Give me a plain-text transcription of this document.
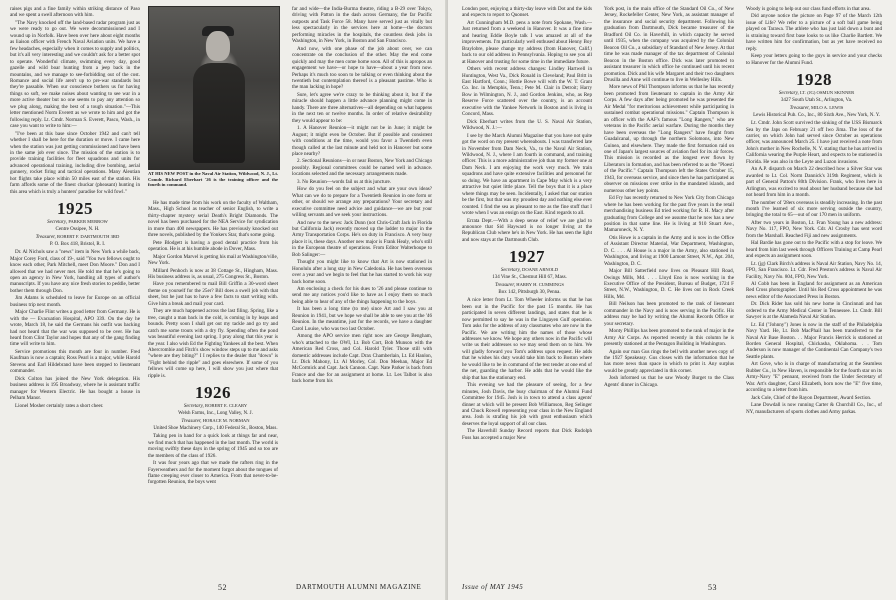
raises pigs and a fine family within striking distance of Paso and we spent a swell afternoon with him.

"The Navy knocked off the land-based radar program just as we were ready to go out. We were decommissioned and I wound up in Norfolk. Have been over here about eight months as liaison officer with French Naval Aviation units. We have a few headaches, especially when it comes to supply and politics, but it's all very interesting and we couldn't ask for a better spot to operate. Wonderful climate, swimming every day, good gazelle and wild boar hunting from a jeep back in the mountains, and we manage to see-forbidding out of the cost. Romance and social life aren't up to pre-war standards but they're passable. When our conscience bothers us for having things so soft, we make noises about wanting to see war in a more active theater but no one seems to pay any attention so we plug along, making the best of a tough situation."—This letter mentioned Norm Everett as we wrote to him and got the following reply. Lt. Cmdr. Norman S. Everett, Pasco, Wash., in case you want to write to him:—

"I've been at this base since October 1942 and can't tell whether I shall be here for the duration or move. I came here when the station was just getting commissioned and have been in the same job ever since. The mission of the station is to provide training facilities for fleet squadrons and units for advanced operational training, including dive bombing, aerial gunnery, rocket firing and tactical operations. Many Aleutian hot flights take place within 50 miles east of the station. His farm affords some of the finest chuckar (pheasant) hunting in this area which is truly a hunters' paradise for wild fowl."

1925

Secretary, PARKER MERROW

Centre Ossipee, N. H.

Treasurer, ROBERT F. DARTMOUTH 3RD

P. O. Box 418, Bristol, R. I.

Dr. Al Nichols saw a "news" item in New York a while back, Major Corey Ford, class of 19-, said "You two fellows ought to know each other, Park Mitchell, meet Don Moore." Don and I allowed that we had never met. He told me that he's going to open an agency in New York, handling all types of author's manuscripts. If you have any nice fresh stories to peddle, better bother them through Don.

Jim Adams is scheduled to leave for Europe on an official business trip next month.

Major Charlie Flint writes a good letter from Germany. He is with the — Evacuation Hospital, APO 339. On the day he wrote, March 18, he said the Germans his outfit was backing had not heard that the war was supposed to be over. He has heard from Clint Taylor and hopes that any of the gang finding time will write to him.

Service promotions this month are four in number. Fred Kaufman is now a captain; Ross Pearl is a major, while Harold Stevens and Earl Hildebrand have been stepped to lieutenant commander.

Dick Colton has joined the New York delegation. His business address is 195 Broadway, where he is assistant traffic manager for Western Electric. He has bought a house in Pelham Manor.

Lionel Mosher certainly rates a short cheer.

AT HIS NEW POST in the Naval Air Station, Wildwood, N. J., Lt. Comdr. Richard Eberhart '26 is the training officer and the fourth in command.

He has made time from his work on the faculty of Waltham, Mass., High School as teacher of senior English, to write a thirty-chapter mystery serial Death's Bright Diamonds. The novel has been purchased for the NEA Service for syndication in more than 400 newspapers. He has previously knocked out three novels, published by the Yonkers Star, that's some going.

Pete Blodgett is having a good dental practice from his operation. He is at his humble abode in Dover, Mass.

Major Gordon Marvel is getting his mail at Washington/ville, New York.

Millard Penhoch is now at 38 Cottage St., Hingham, Mass. His business address is, as usual, 275 Congress St., Boston.

Have you remembered to mail Bill Griffin a 30-word sheet theme on yourself for the 25er? Bill does a swell job with that sheet, but he just has to have a few facts to start writing with. Give him a break and mail your card.

They are much happened across the last filing. Spring, like a tree, caught a man back in the cold, is coming in by leaps and bounds. Pretty soon I shall get out my tackle and go try and catch me some trouts with a dry fly. Spending often the pond was beautiful evening last spring. I pray along that this year is the year. I also wish Ed the Fighting Yankees all the best. When Abercrombie and Fitch's show window steps up to me and asks "where are they biting?" I I replies to the dealer that "down" is "Fight behind the ripple" and goes elsewhere. If some of you fellows will come up here, I will show you just where that ripple is.

1926

Secretary, ROBERT E. CLEARY

Welsh Farms, Inc., Long Valley, N. J.

Treasurer, HORACE M. NORMAN

United Shoe Machinery Corp., 140 Federal St., Boston, Mass.

Taking pen in hand for a quick look at things far and near, we find much that has happened in the last month. The world is moving swiftly these days in the spring of 1945 and so too are the members of the class of 1926.

It was four years ago that we made the rafters ring in the Fayerweathers and for the moment forgot about the tongues of flame creeping ever closer to America. From that never-to-be-forgotten Reunion, the boys went

far and wide—the India-Burma theatre, riding a B-29 over Tokyo, driving with Patton in the dash across Germany, the far Pacific outposts and Task Force 58. Many have served just as vitally but less spectacularly in the services here at home—the doctors performing miracles in the hospitals, the countless desk jobs in Washington, in New York, in Boston and San Francisco.

And now, with one phase of the job about over, we can concentrate on the conclusion of the other. May the end come quickly and may the men come home soon. All of this is apropos an engagement we have—or hope to have—about a year from now. Perhaps it's much too soon to be talking or even thinking about the twentieth but contemplation thereof is a pleasant pastime. Who is the man lacking in hope?

Sure, let's agree we're crazy to be thinking about it, but if the miracle should happen a little advance planning might come in handy. There are three alternatives—all depending on what happens in the next ten or twelve months. In order of relative desirability they would appear to be:

1. A Hanover Reunion—it might not be in June; it might be August; it might even be October. But if possible and consistent with conditions at the time, would you favor a Twentieth even though called at the last minute and held not in Hanover but some place nearby?

2. Sectional Reunions—in or near Boston, New York and Chicago possibly. Regional committees could be named well in advance. locations selected and the necessary arrangements made.

3. No Reunion—words fail us at this juncture.

How do you feel on the subject and what are your own ideas? What can we do to prepare for a Twentieth Reunion in one form or other, or should we arrange any preparations? Your secretary and executive committee need advice and guidance—we are but your willing servants and we seek your instructions.

And now to the news: Jack Dunn (not Chris-Craft Jack in Florida but California Jack) recently moved up the ladder to major in the Army Transportation Corps. He's on duty in Francisco. A very busy place it is, these days. Another new major is Frank Healy, who's still in the European theatre of operations. From Editor Walterhoupe to Bob Salinger:—

Thought you might like to know that Art is now stationed in Honolulu after a long stay in New Caledonia. He has been overseas over a year and we begin to feel that he has started to work his way back home soon.

Am enclosing a check for his dues to '26 and please continue to send me any notices you'd like to have as I enjoy them so much being able to hear of any of the things happening to the boys.

It has been a long time (to me) since Art and I saw you at Reunion in 1941, but we hope we shall be able to see you at the '46 Reunion. In the meantime, just for the records, we have a daughter Carol Louise, who was two last October.

Among the APO service men right now are George Bengham, who's attached to the OWI, Lt. Bob Cort, Bob Munson with the American Red Cross, and Col. Harold Tyler. Those still with domestic addresses include Capt. Drax Chamberlain, Lt. Ed Hanlon, Lt. Dick Mahony, Lt. Al Morley, Col. Don Meehan, Major Ed McCormick and Capt. Jack Cannon. Capt. Nate Parker is back from France and due for an assignment at home. Lt. Les Talbot is also back home from his

52	DARTMOUTH ALUMNI MAGAZINE

London post, enjoying a thirty-day leave with Dot and the kids and expects to report to Quonset.

Art Cunningham M.D. pens a note from Spokane, Wash.—Just returned from a weekend in Hanover. It was a fine time and hearing Eddie Boyle talk I was amazed at all of the improvements. I'm particularly well enthused about Henny Boy Braylobre, please change my address (from Hanover, Calif.) back to our old address in Pennsylvania. Hoping to see you all at Hanover and trusting for some time in the immediate future.

Others with recent address changes: Lindley Hartwell in Huntington, West Va., Dick Ronald in Cleveland; Paul Britt in East Hartford, Conn.; Hottie Bowe will with the W. T. Grant Co. Inc. in Memphis, Tenn.; Pete M. Clair in Detroit; Harry Bow in Wilmington, N. J., and Gordon Jenkins, who, as Rep Reserve Force scattered over the country, is an account executive with the Yankee Network in Boston and is living in Concord, Mass.

Dick Eberhart writes from the U. S. Naval Air Station, Wildwood, N. J.:—

I see by the March Alumni Magazine that you have not quite got the word on my present whereabouts. I was transferred late in November from Dam Neck, Va., to the Naval Air Station, Wildwood, N. J., where I am fourth in command, and training officer. This is a more administrative job than my former one at Dam Neck. I am enjoying the work very much. We train squadrons and have quite extensive facilities and personnel for so doing. We have an apartment in Cape May which is a very attractive but quiet little place. Tell the boys that it is a place where things may be seen. Incidentally, I asked that our station be the first, but that was my proudest day and nothing else ever counted. I find the sea as pleasant to me as the fine stuff that I wrote when I was an ensign on the East. Kind regards to all.

Errata Dept.—With a deep sense of relief we are glad to announce that Sid Hayward is no longer living at the Republican Club where he's in New York. He has seen the light and now stays at the Dartmouth Club.

1927

Secretary, DOANE ARNOLD

134 Vine St., Chestnut Hill 67, Mass.

Treasurer, HARRY H. CUMMINGS

Box 142, Pittsburgh 30, Penna.

A nice letter from Lt. Tom Wheeler informs us that he has been out in the Pacific for the past 15 months. He has participated in seven different landings, and states that he is now permitted to say he was in the Lingayen Gulf operation. Tom asks for the address of any classmates who are now in the Pacific. We are writing him the names of those whose addresses we know. We hope any others now in the Pacific will write us their addresses so we may send them on to him. We will gladly forward you Tom's address upon request. He adds that he wishes his duty would take him back to Boston where he would like to be in command of the test tender at one end of the net, guarding the harbor. He adds that he would like the ship that has the stationary end.

This evening we had the pleasure of seeing, for a few minutes, Josh Davis, the busy chairman of the Alumni Fund Committee for 1945. Josh is in town to attend a class agents' dinner at which will be present Bob Williamson, Reg Selinger and Chuck Rowell representing your class in the New England area. Josh is strafing his job with great enthusiasm which deserves the loyal support of all our class.

The Haverhill Sunday Record reports that Dick Rudolph Fuss has accepted a major New

York post, in the main office of the Standard Oil Co., of New Jersey, Rockefeller Center, New York, as assistant manager of the insurance and social security department. Following his graduation from Dartmouth, Dick became treasurer of the Bradford Oil Co. in Haverhill, in which capacity he served until 1935, when the company was acquired by the Colonial Beacon Oil Co., a subsidiary of Standard of New Jersey. At that time he was made manager of the tax department of Colonial Beacon in the Boston office. Dick was later promoted to assistant treasurer in which office he continued until his recent promotion. Dick and his wife Margaret and their two daughters Drusilla and Anne will continue to live in Wellesley Hills.

More news of Phil Thompson informs us that he has recently been promoted from lieutenant to captain in the Army Air Corps. A few days after being promoted he was presented the Air Medal "for meritorious achievement while participating in sustained combat operational missions." Captain Thompson is an officer with the AAF's famous "Long Rangers," who are veterans in the Pacific aerial warfare. During the months they have been overseas the "Long Rangers" have fought from Guadalcanal, up through the northern Solomons, into New Guinea, and elsewhere. They made the first formation raid on one of Japan's largest sources of aviation fuel for its air forces. This mission is recorded as the longest ever flown by Liberators in formation, and has been referred to as the "Ploesti of the Pacific." Captain Thompson left the States October 15, 1943, for overseas service, and since then he has participated as observer on missions over strike in the mandated islands, and numerous other key points.

Ed Fry has recently returned to New York City from Chicago where he has been working for the past five years in the retail merchandising business Ed tried working for R. H. Macy after graduating from College and we assume that he now has a new position in that same line. He is living at 910 Stuart Ave., Mamaroneck, N. Y.

Otis Howe is a captain in the Army and is now in the Office of Assistant Director Material, War Department, Washington, D. C. . . . Al House is a major in the Army, also stationed in Washington, and living at 1900 Lamont Street, N.W., Apt. 204, Washington, D. C.

Major Bill Satterfield now lives on Pleasant Hill Road, Owings Mills, Md. . . . Lloyd Eno is now working in the Executive Office of the President, Bureau of Budget, 1724 F Street, N.W., Washington, D. C. He lives out in Rock Creek Hills, Md.

Bill Neilson has been promoted to the rank of lieutenant commander in the Navy and is now serving in the Pacific. His address may be had by writing the Alumni Records Office or your secretary.

Monty Phillips has been promoted to the rank of major in the Army Air Corps. As reported recently in this column he is presently stationed at the Pentagon Building in Washington.

Again our man Gus rings the bell with another news copy of the 1927 Speakeasy. Gus closes with the information that he has more news than space in which to print it. Any surplus would be greatly appreciated in this corner.

Josh informed us that he saw Woody Burget to the Class Agents' dinner in Chicago.

Woody is going to help out our class fund efforts in that area.

Did anyone notice the picture on Page 97 of the March 12th issue of Life? We refer to a picture of a soft ball game being played on Tarawa. The athlete who has just laid down a bunt and is straining toward first base looks to us like Charlie Bartlett. We have written him for confirmation, but as yet have received no reply.

Keep your letters going to the guys in service and your checks to Hanover for the Alumni Fund.

1928

Secretary, LT. (JG) OSMUN SKINNER

3427 South Utah St., Arlington, Va.

Treasurer, MILO A. LEWIS

Lewis Historical Pub. Co., Inc., 80 Sixth Ave., New York, N. Y.

Lt. Cmdr. John Scott survived the sinking of the USS Bismarck Sea by the Japs on February 21 off Iwo Jima. The loss of the carrier, on which John had served since October as operations officer, was announced March 25. I have just received a note from John's mother in New Rochelle, N. Y. stating that he has arrived in California wearing the Purple Heart, and expects to be stationed in Florida. He was also in the Leyte and Luzon invasions.

An A.P. dispatch on March 22 described how a Silver Star was awarded to Lt. Col. Norm Dannick's 319th Regiment, which is part of General Patton's 80th Division. Frank, who lives here in Arlington, was excited to read about her husband because she had not heard from him in a month.

The number of '28ers overseas is steadily increasing. In the past month I've learned of six more serving outside the country, bringing the total to 65—out of our 170 men in uniform.

After two years in Boston, Lt. Fran Young has a new address: Navy No. 117, FPO, New York. Cdr. Al Crosby has sent word from the Marshall. Reached Fiji and new assignments.

Hal Bardie has gone out to the Pacific with a stop for leave. We heard from him last week through Officers Training at Camp Pearl and expects an assignment soon.

Lt. (jg) Clark Birch's address is Naval Air Station, Navy No. 14, FPO, San Francisco. Lt. Cdr. Fred Preston's address is Naval Air Facility, Navy No. 804, FPO, New York.

Al Cobb has been in England for assignment as an American Red Cross photographer. Until his Red Cross appointment he was news editor of the Associated Press in Boston.

Dr. Dick Rider has sold his new home in Cincinnati and has ordered to the Army Medical Center in Tennessee. Lt. Cmdr. Bill Sawyer is at the Alameda Naval Air Station.

Lt. Ed ("Johnny") Jones is now in the staff of the Philadelphia Navy Yard. He, Lt. Bob MacPhail has been transferred to the Naval Air Base Boston. . . Major Francis Herrick is stationed at Borden General Hospital, Chickasha, Oklahoma. . . Tom Anderson is now manager of the Continental Can Company's two Seattle plants.

Art Gove, who is in charge of manufacturing at the Seamless Rubber Co., in New Haven, is responsible for the fourth star on its Army-Navy "E" pennant, received from the Under Secretary of War. Art's daughter, Carol Elizabeth, born now the "E" five time, according to a letter from him.

Jack Cole, Chief of the Rayon Department, Award Section.

Lane Dowdall is now running Carter & Churchill Co., Inc., of NY, manufacturers of sports clothes and Army parkas.

Issue of MAY 1945	53
